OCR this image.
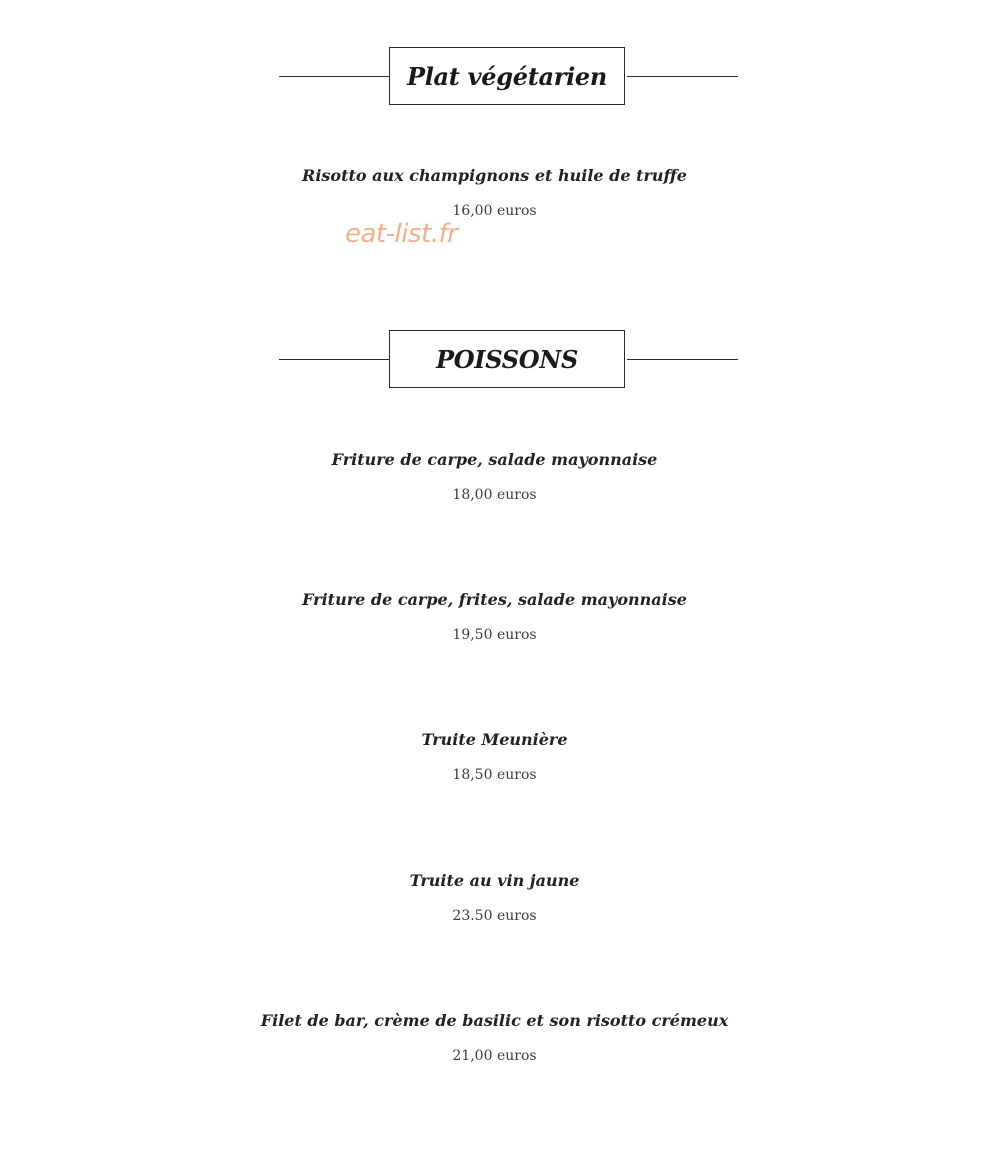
Plat végétarien
Risotto aux champignons et huile de truffe
16,00 euros
eat-list.fr
POISSONS
Friture de carpe, salade mayonnaise
18,00 euros
Friture de carpe, frites, salade mayonnaise
19,50 euros
Truite Meunière
18,50 euros
Truite au vin jaune
23.50 euros
Filet de bar, crème de basilic et son risotto crémeux
21,00 euros
